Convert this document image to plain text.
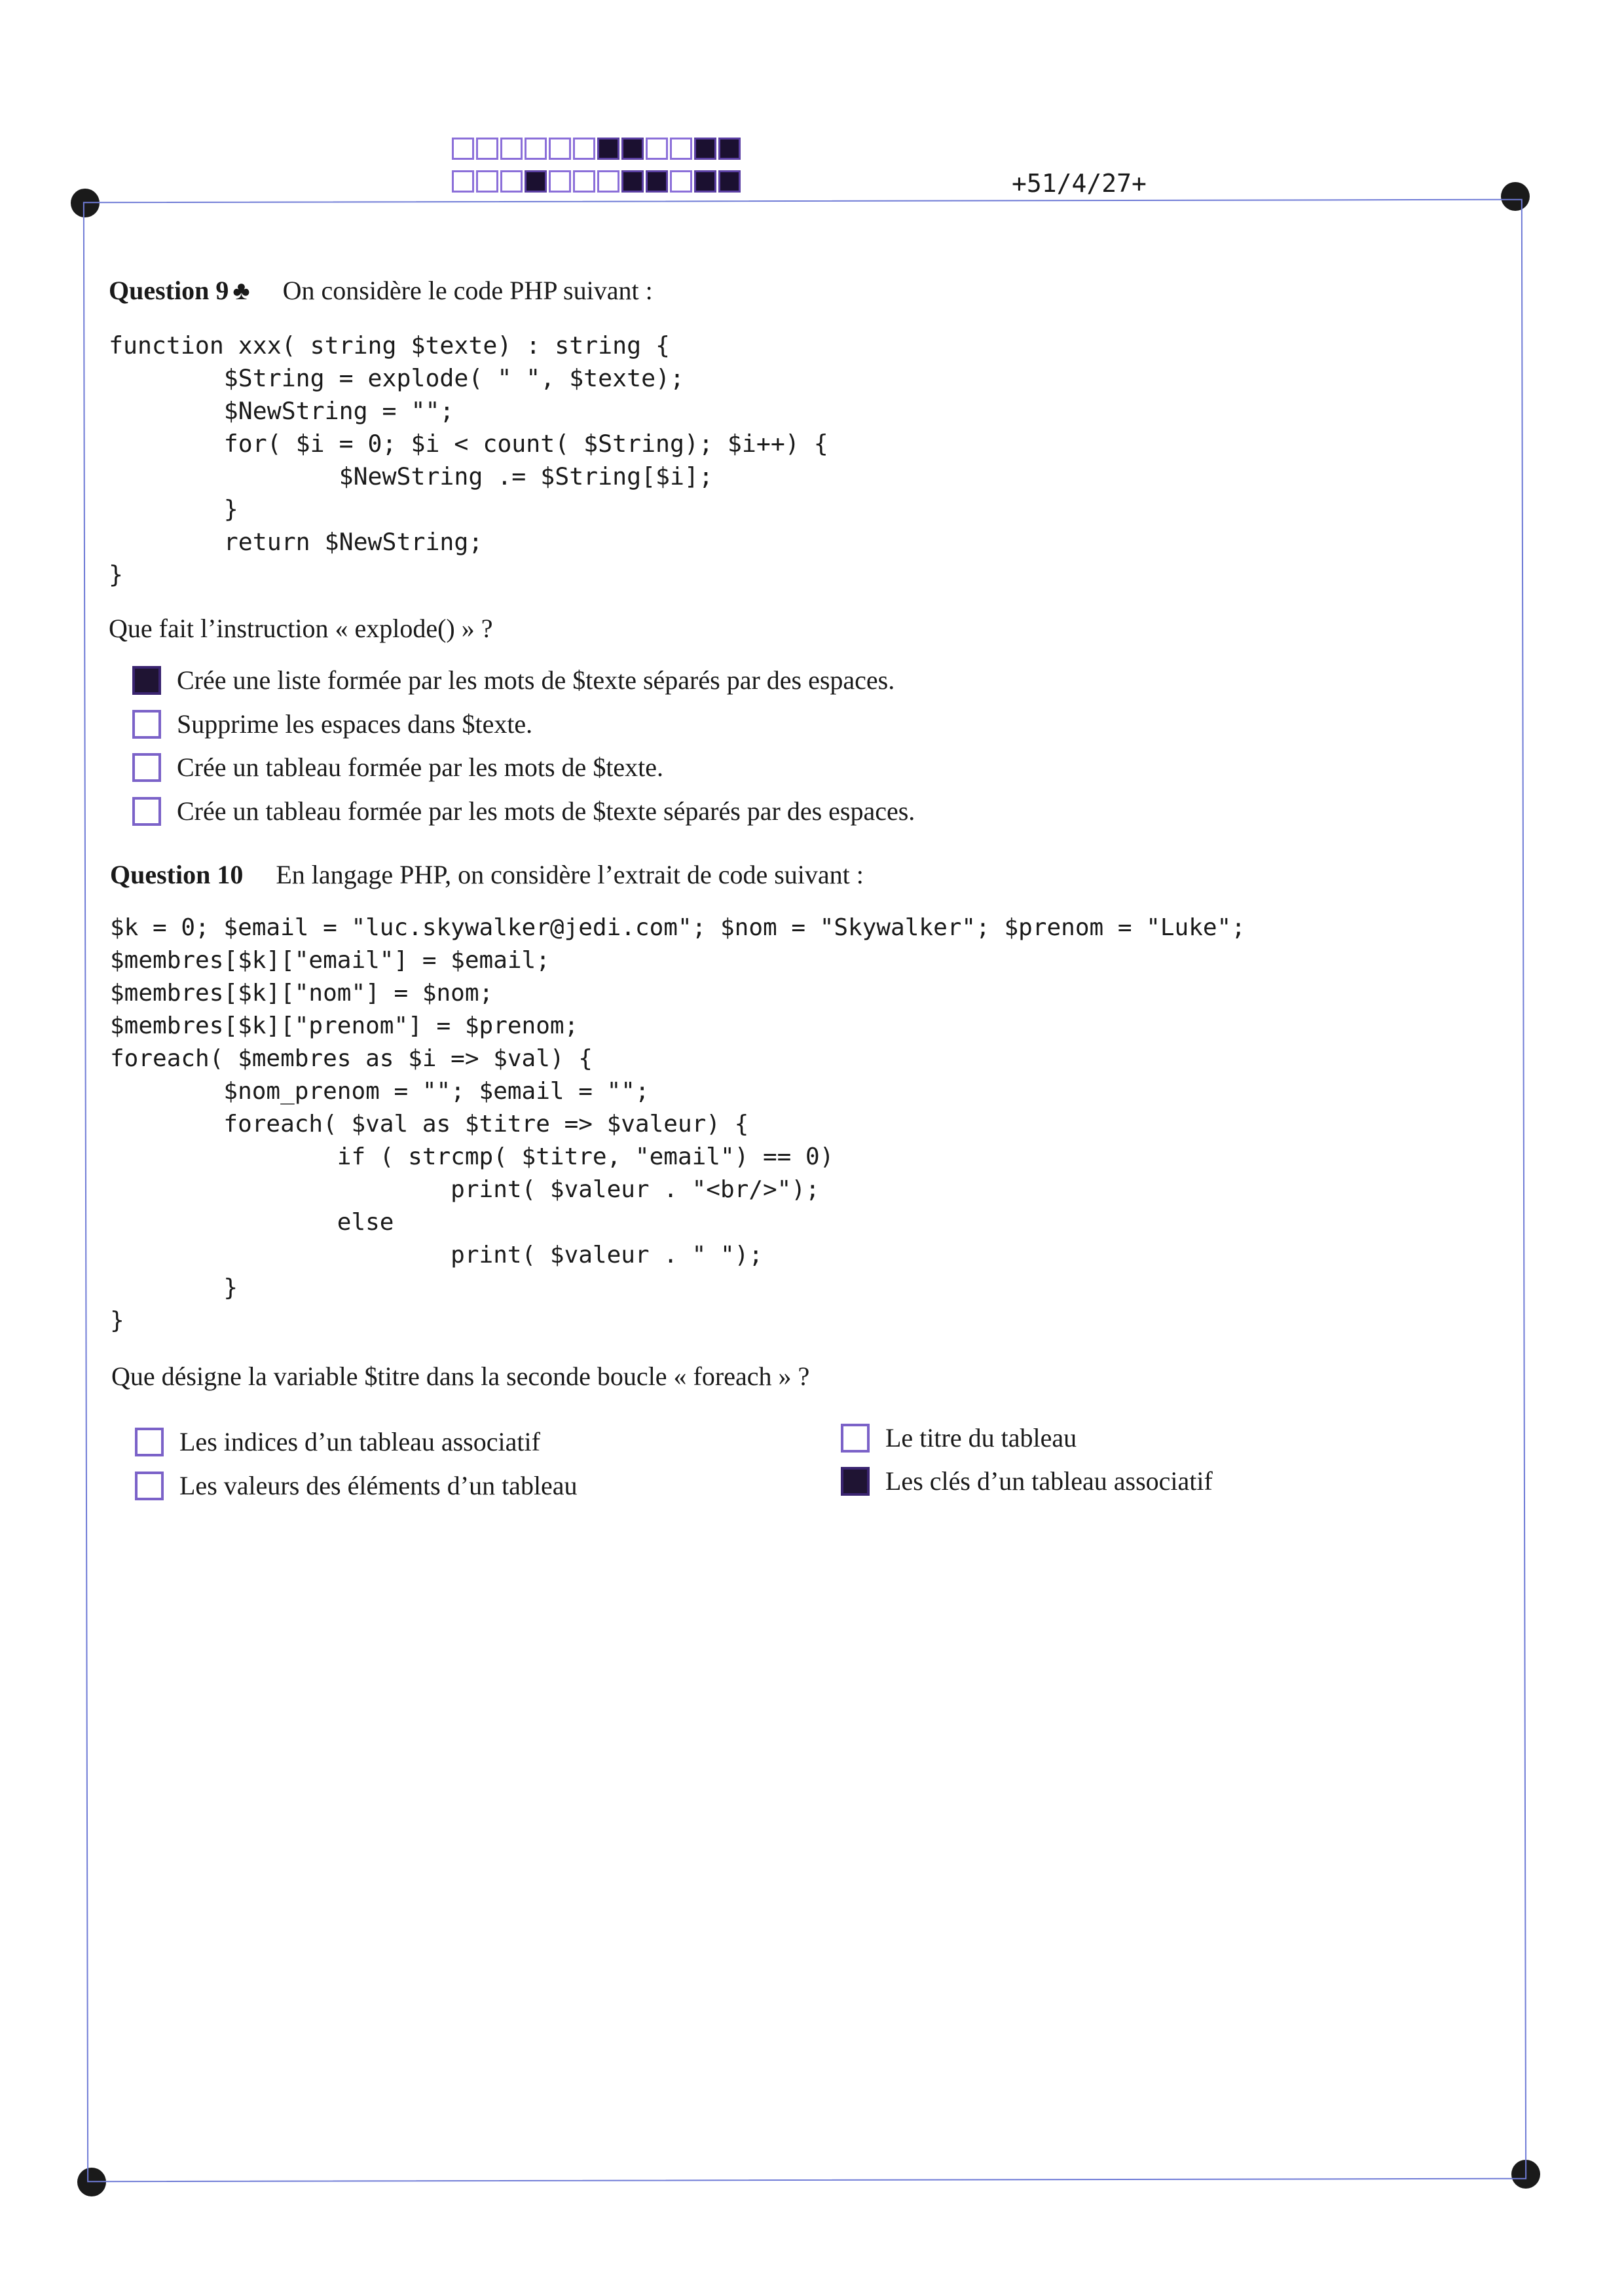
+51/4/27+
Question 9 ♣ On considère le code PHP suivant :
function xxx( string $texte) : string {
$String = explode( " ", $texte);
$NewString = "";
for( $i = 0; $i < count( $String); $i++) {
$NewString .= $String[$i];
}
return $NewString;
}
Que fait l’instruction « explode() » ?
Crée une liste formée par les mots de $texte séparés par des espaces.
Supprime les espaces dans $texte.
Crée un tableau formée par les mots de $texte.
Crée un tableau formée par les mots de $texte séparés par des espaces.
Question 10 En langage PHP, on considère l’extrait de code suivant :
$k = 0; $email = "luc.skywalker@jedi.com"; $nom = "Skywalker"; $prenom = "Luke";
$membres[$k]["email"] = $email;
$membres[$k]["nom"] = $nom;
$membres[$k]["prenom"] = $prenom;
foreach( $membres as $i => $val) {
$nom_prenom = ""; $email = "";
foreach( $val as $titre => $valeur) {
if ( strcmp( $titre, "email") == 0)
print( $valeur . "<br/>");
else
print( $valeur . " ");
}
}
Que désigne la variable $titre dans la seconde boucle « foreach » ?
Les indices d’un tableau associatif
Les valeurs des éléments d’un tableau
Le titre du tableau
Les clés d’un tableau associatif
